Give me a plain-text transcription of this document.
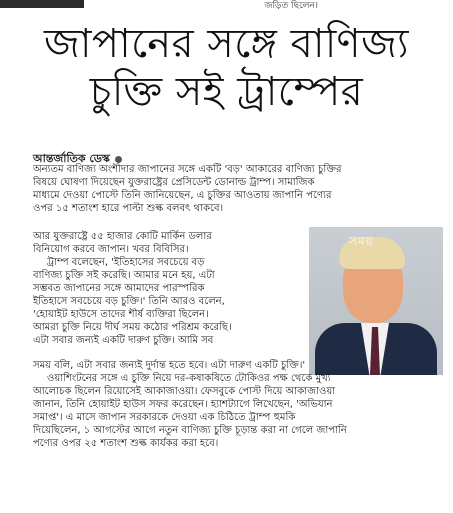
জড়িত ছিলেন।
জাপানের সঙ্গে বাণিজ্য
চুক্তি সই ট্রাম্পের
আন্তর্জাতিক ডেস্ক
অন্যতম বাণিজ্য অংশীদার জাপানের সঙ্গে একটি 'বড়' আকারের বাণিজ্য চুক্তির
বিষয়ে ঘোষণা দিয়েছেন যুক্তরাষ্ট্রের প্রেসিডেন্ট ডোনাল্ড ট্রাম্প। সামাজিক
মাধ্যমে দেওয়া পোস্টে তিনি জানিয়েছেন, এ চুক্তির আওতায় জাপানি পণ্যের
ওপর ১৫ শতাংশ হারে পাল্টা শুল্ক বলবৎ থাকবে।
আর যুক্তরাষ্ট্রে ৫৫ হাজার কোটি মার্কিন ডলার
বিনিয়োগ করবে জাপান। খবর বিবিসির।
ট্রাম্প বলেছেন, 'ইতিহাসের সবচেয়ে বড়
বাণিজ্য চুক্তি সই করেছি। আমার মনে হয়, এটা
সম্ভবত জাপানের সঙ্গে আমাদের পারস্পরিক
ইতিহাসে সবচেয়ে বড় চুক্তি।' তিনি আরও বলেন,
'হোয়াইট হাউসে তাদের শীর্ষ ব্যক্তিরা ছিলেন।
আমরা চুক্তি নিয়ে দীর্ঘ সময় কঠোর পরিশ্রম করেছি।
এটা সবার জন্যই একটি দারুণ চুক্তি। আমি সব
সময় বলি, এটা সবার জন্যই দুর্দান্ত হতে হবে। এটা দারুণ একটি চুক্তি।'
সময়
ওয়াশিংটনের সঙ্গে এ চুক্তি নিয়ে দর-কষাকষিতে টোকিওর পক্ষ থেকে মুখ্য
আলোচক ছিলেন রিয়োসেই আকাজাওয়া। ফেসবুকে পোস্ট দিয়ে আকাজাওয়া
জানান, তিনি হোয়াইট হাউস সফর করেছেন। হ্যাশট্যাগে লিখেছেন, 'অভিযান
সমাপ্ত'। এ মাসে জাপান সরকারকে দেওয়া এক চিঠিতে ট্রাম্প হুমকি
দিয়েছিলেন, ১ আগস্টের আগে নতুন বাণিজ্য চুক্তি চূড়ান্ত করা না গেলে জাপানি
পণ্যের ওপর ২৫ শতাংশ শুল্ক কার্যকর করা হবে।
